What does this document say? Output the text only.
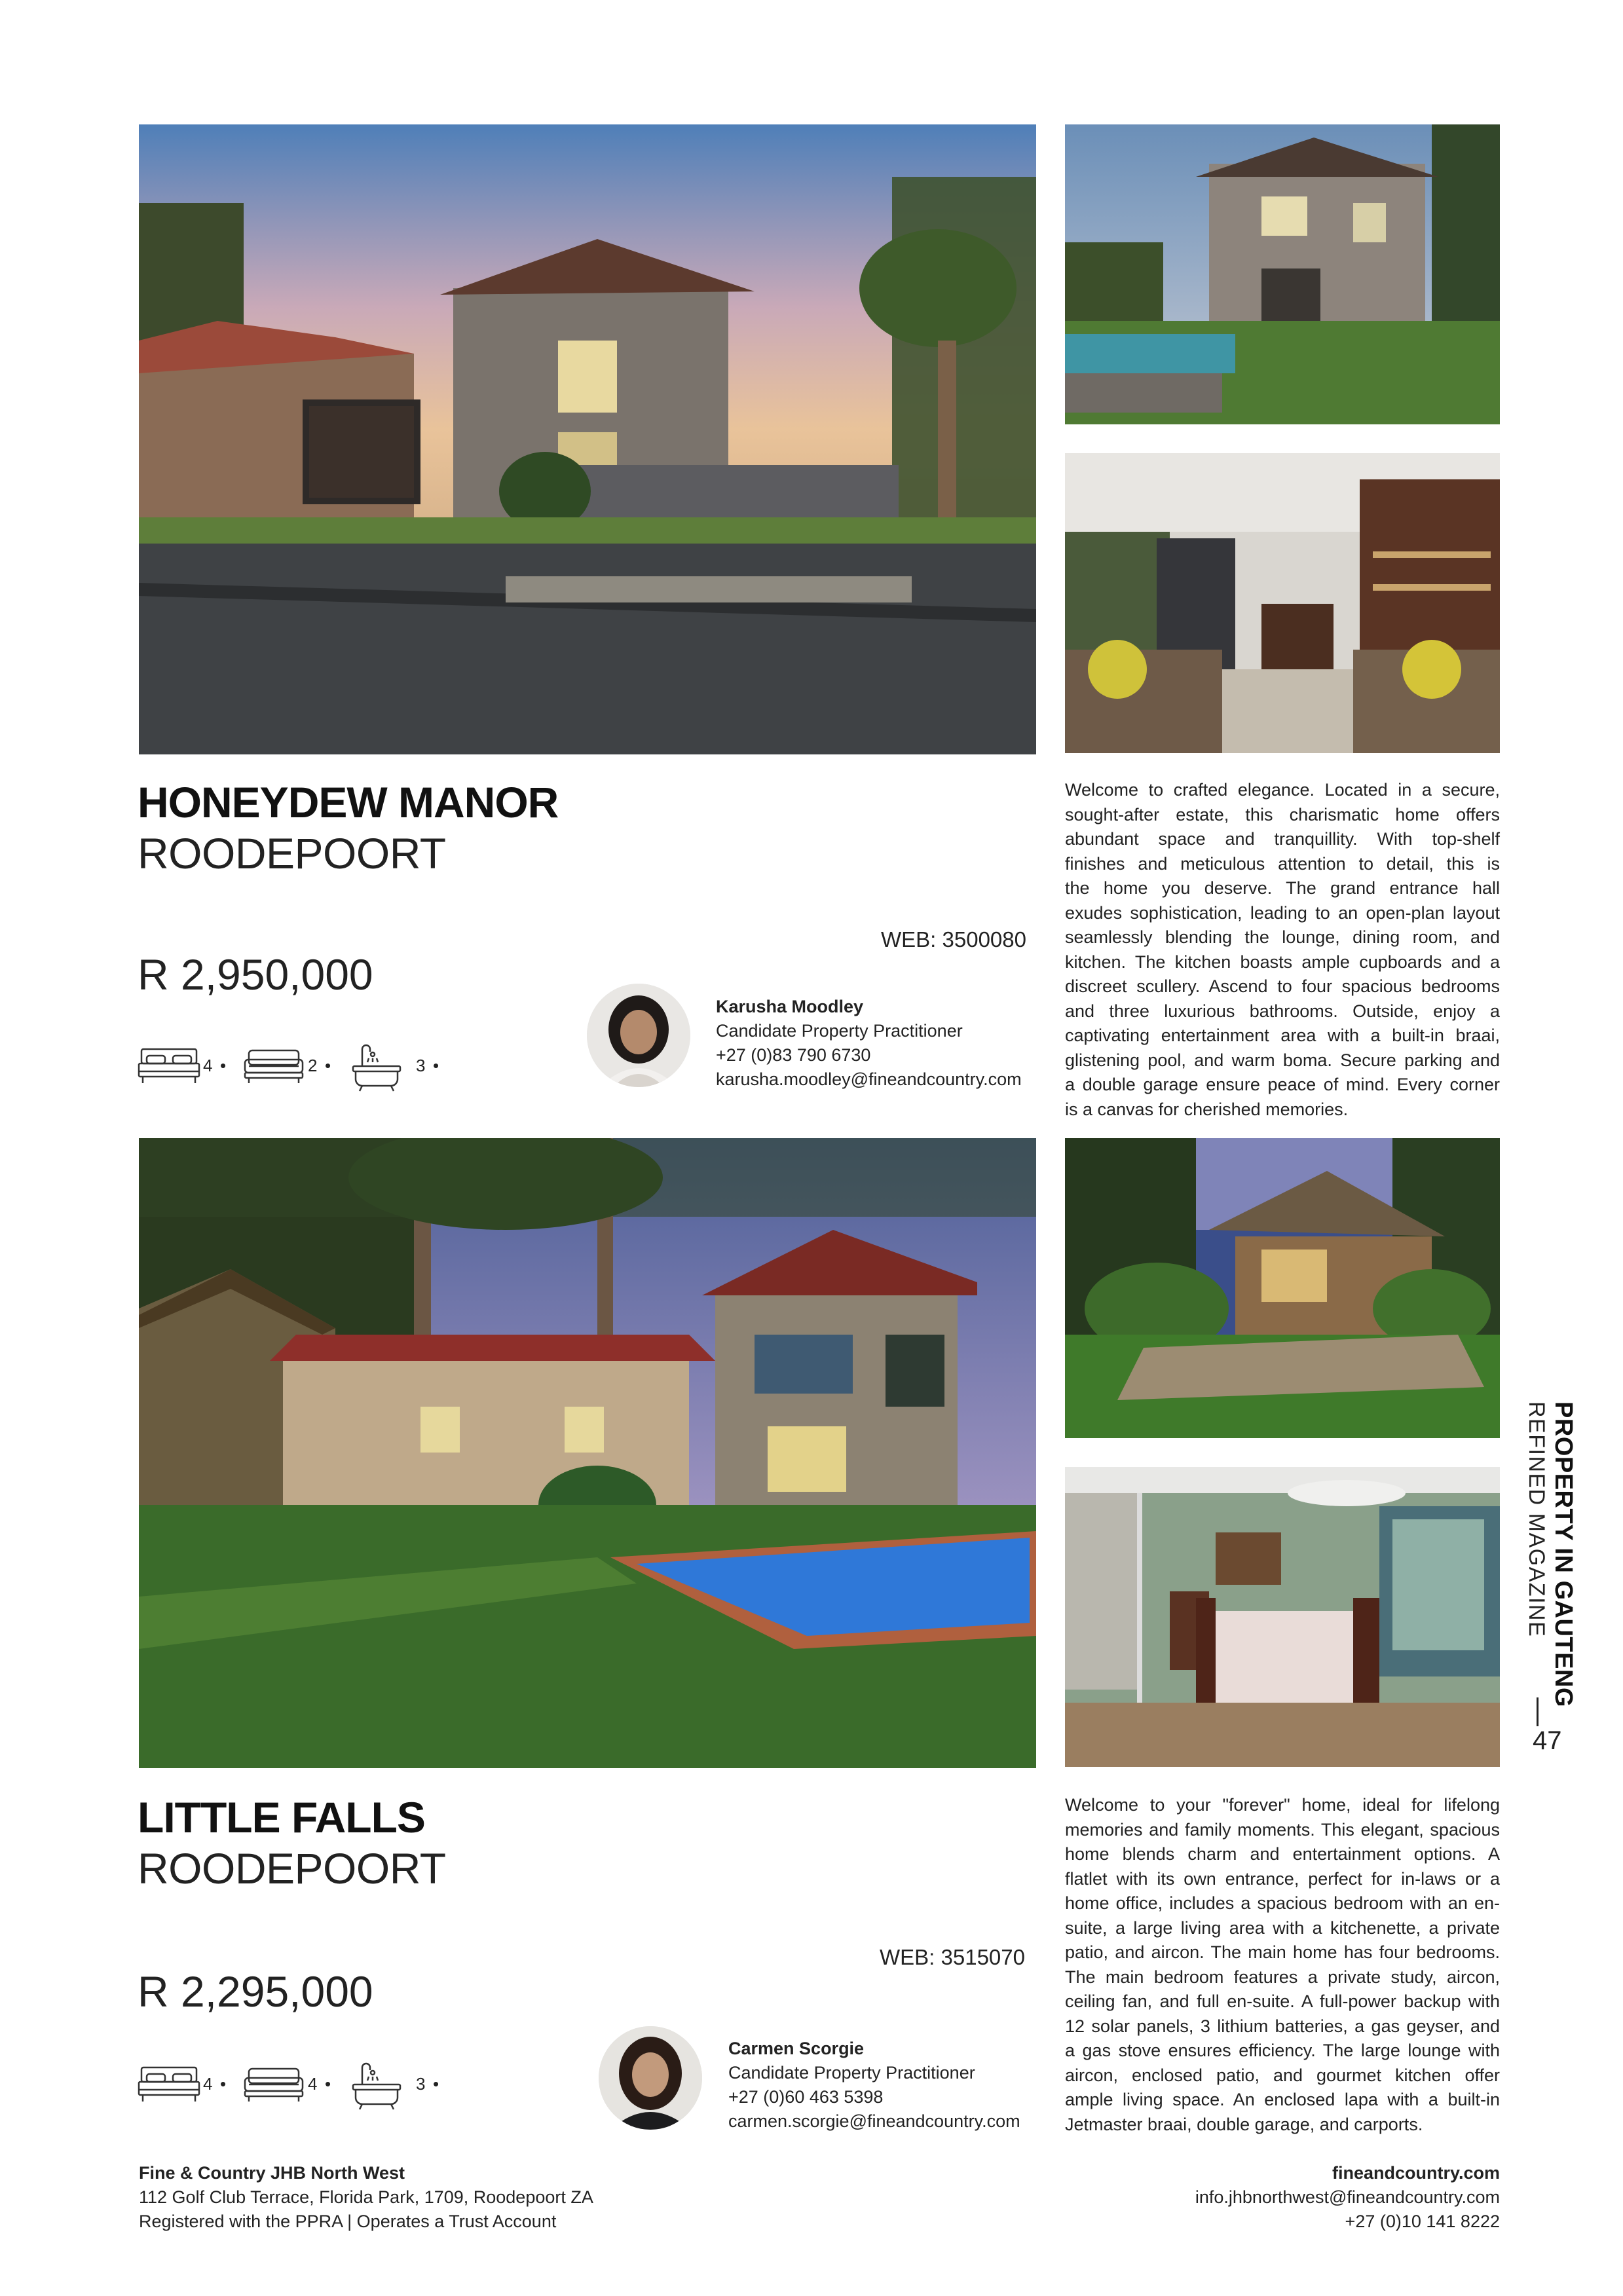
HONEYDEW MANOR
ROODEPOORT
R 2,950,000
WEB: 3500080
4 •	2 •	3 •
Karusha Moodley
Candidate Property Practitioner
+27 (0)83 790 6730
karusha.moodley@fineandcountry.com
Welcome to crafted elegance. Located in a secure,
sought-after estate, this charismatic home offers
abundant space and tranquillity. With top-shelf
finishes and meticulous attention to detail, this is
the home you deserve. The grand entrance hall
exudes sophistication, leading to an open-plan layout
seamlessly blending the lounge, dining room, and
kitchen. The kitchen boasts ample cupboards and a
discreet scullery. Ascend to four spacious bedrooms
and three luxurious bathrooms. Outside, enjoy a
captivating entertainment area with a built-in braai,
glistening pool, and warm boma. Secure parking and
a double garage ensure peace of mind. Every corner
is a canvas for cherished memories.
LITTLE FALLS
ROODEPOORT
R 2,295,000
WEB: 3515070
4 •	4 •	3 •
Carmen Scorgie
Candidate Property Practitioner
+27 (0)60 463 5398
carmen.scorgie@fineandcountry.com
Welcome to your "forever" home, ideal for lifelong
memories and family moments. This elegant, spacious
home blends charm and entertainment options. A
flatlet with its own entrance, perfect for in-laws or a
home office, includes a spacious bedroom with an en-
suite, a large living area with a kitchenette, a private
patio, and aircon. The main home has four bedrooms.
The main bedroom features a private study, aircon,
ceiling fan, and full en-suite. A full-power backup with
12 solar panels, 3 lithium batteries, a gas geyser, and
a gas stove ensures efficiency. The large lounge with
aircon, enclosed patio, and gourmet kitchen offer
ample living space. An enclosed lapa with a built-in
Jetmaster braai, double garage, and carports.
PROPERTY IN GAUTENG
REFINED MAGAZINE
47
Fine & Country JHB North West
112 Golf Club Terrace, Florida Park, 1709, Roodepoort ZA
Registered with the PPRA | Operates a Trust Account
fineandcountry.com
info.jhbnorthwest@fineandcountry.com
+27 (0)10 141 8222
